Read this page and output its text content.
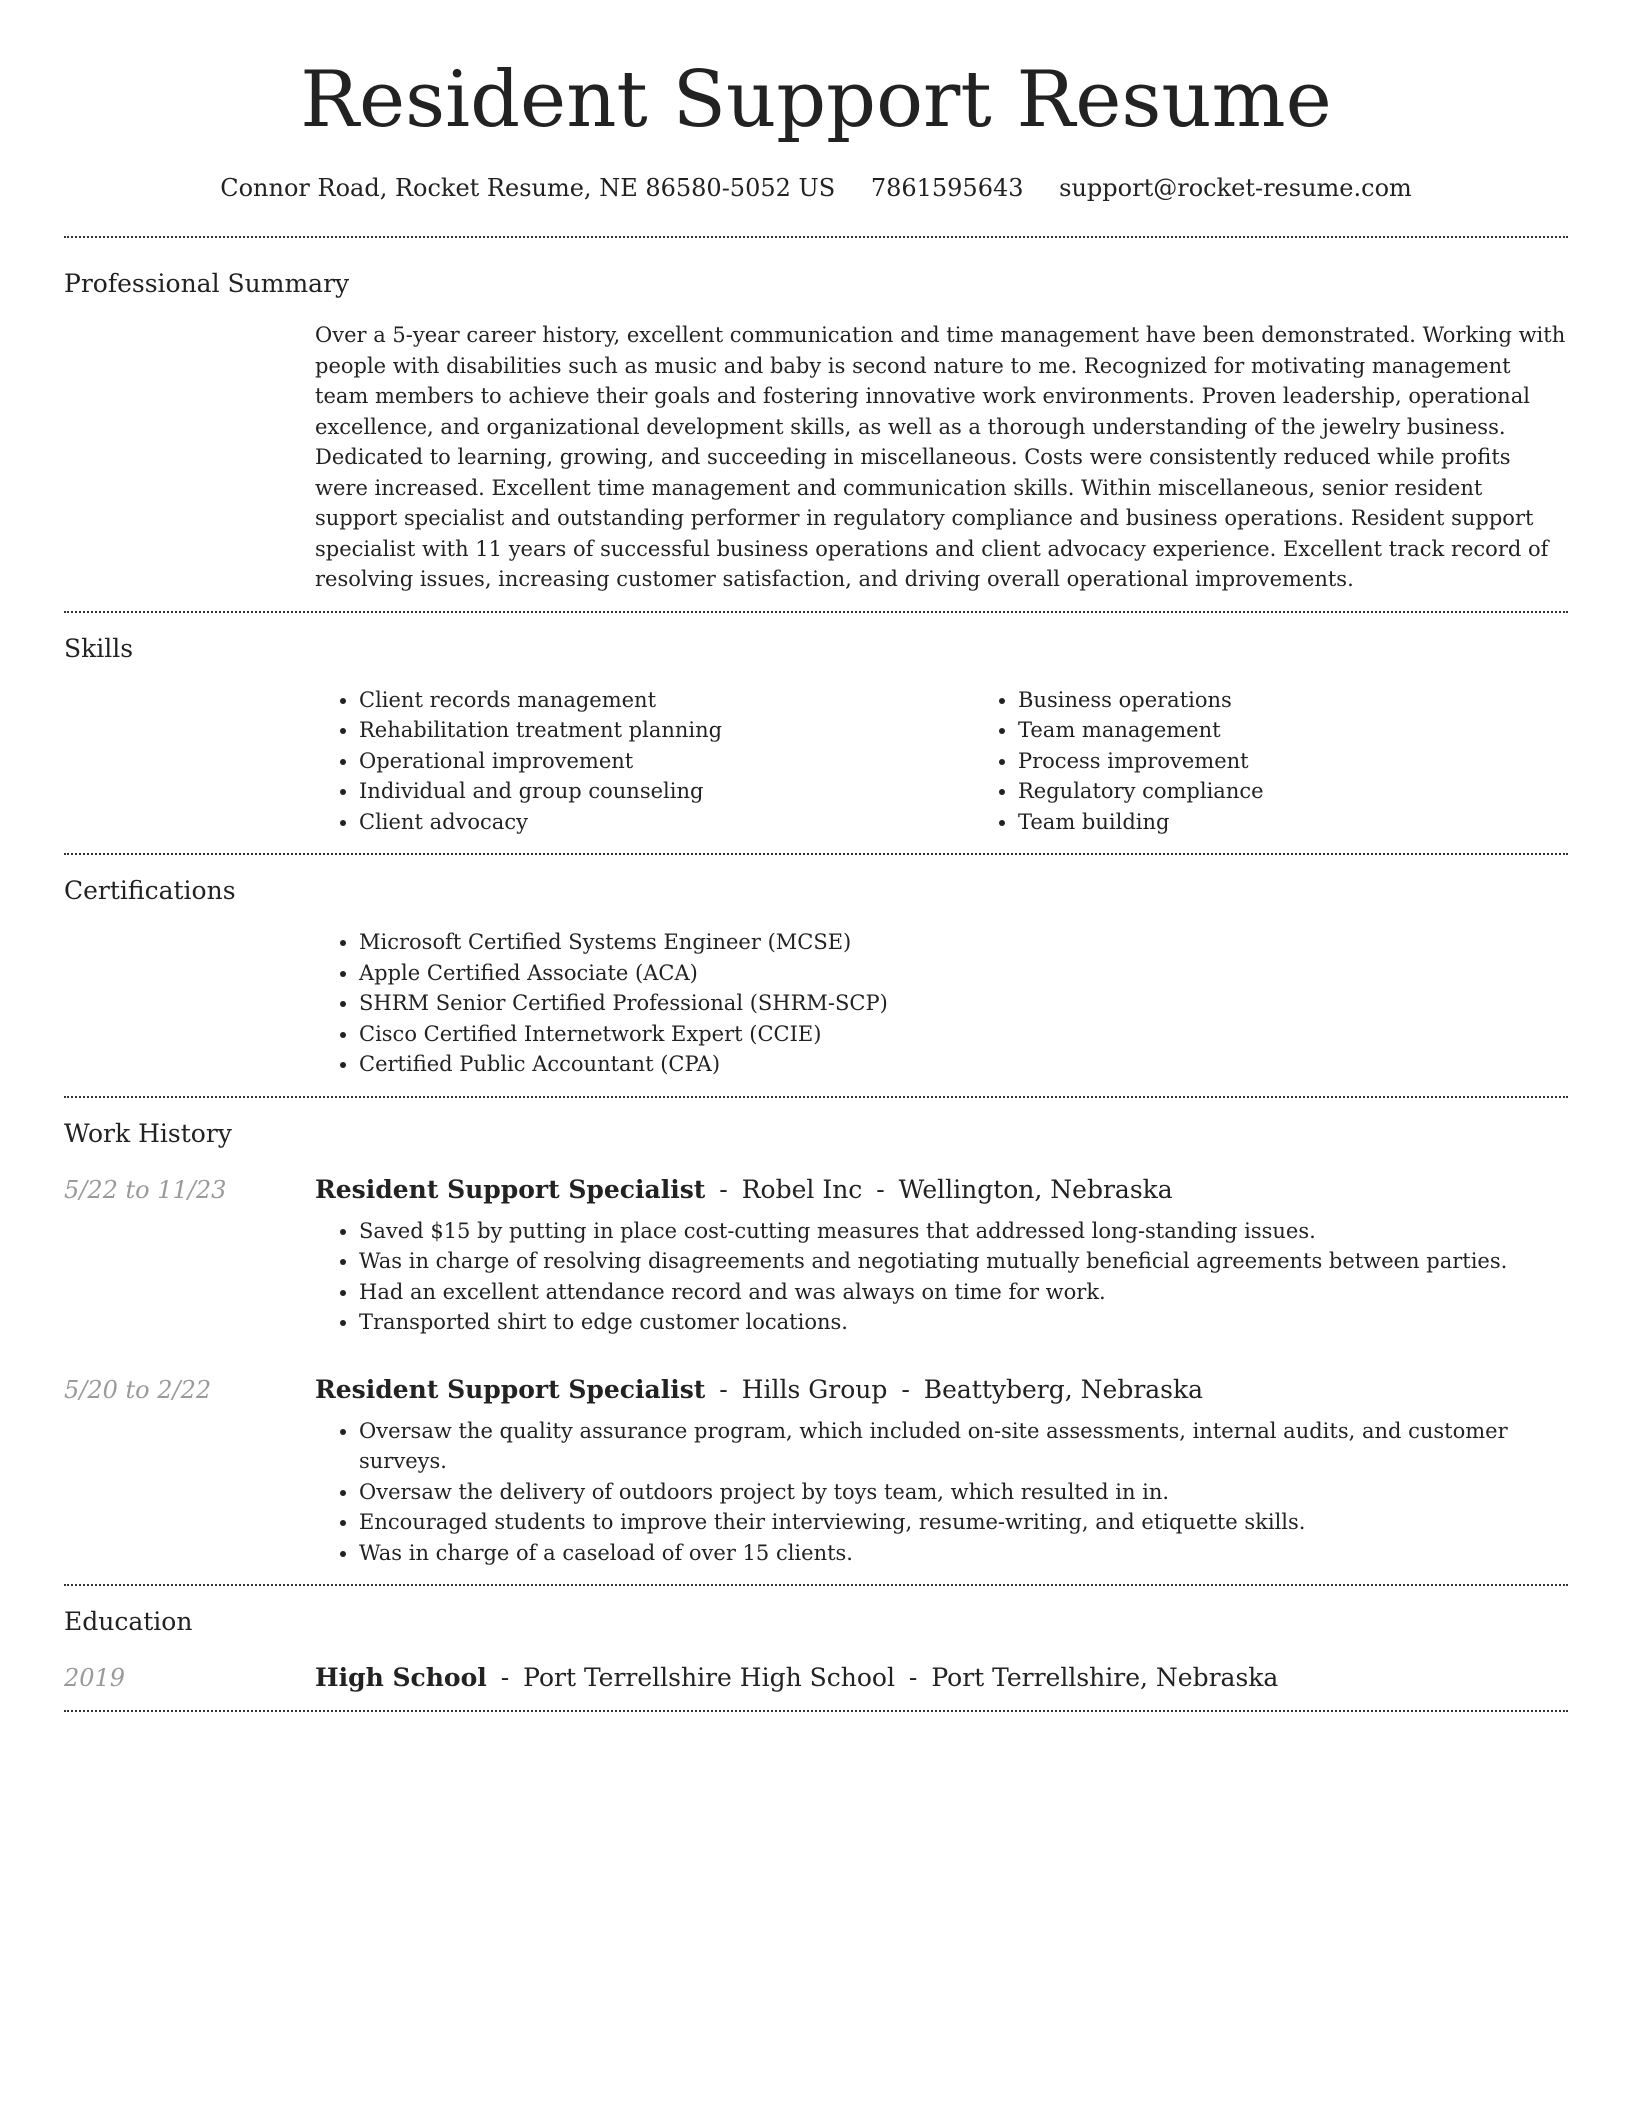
Resident Support Resume
Connor Road, Rocket Resume, NE 86580-5052 US 7861595643 support@rocket-resume.com
Professional Summary

Over a 5-year career history, excellent communication and time management have been demonstrated. Working with people with disabilities such as music and baby is second nature to me. Recognized for motivating management team members to achieve their goals and fostering innovative work environments. Proven leadership, operational excellence, and organizational development skills, as well as a thorough understanding of the jewelry business. Dedicated to learning, growing, and succeeding in miscellaneous. Costs were consistently reduced while profits were increased. Excellent time management and communication skills. Within miscellaneous, senior resident support specialist and outstanding performer in regulatory compliance and business operations. Resident support specialist with 11 years of successful business operations and client advocacy experience. Excellent track record of resolving issues, increasing customer satisfaction, and driving overall operational improvements.

Skills
• Client records management
• Rehabilitation treatment planning
• Operational improvement
• Individual and group counseling
• Client advocacy
• Business operations
• Team management
• Process improvement
• Regulatory compliance
• Team building
Certifications
• Microsoft Certified Systems Engineer (MCSE)
• Apple Certified Associate (ACA)
• SHRM Senior Certified Professional (SHRM-SCP)
• Cisco Certified Internetwork Expert (CCIE)
• Certified Public Accountant (CPA)
Work History
5/22 to 11/23	Resident Support Specialist - Robel Inc - Wellington, Nebraska
• Saved $15 by putting in place cost-cutting measures that addressed long-standing issues.
• Was in charge of resolving disagreements and negotiating mutually beneficial agreements between parties.
• Had an excellent attendance record and was always on time for work.
• Transported shirt to edge customer locations.
5/20 to 2/22	Resident Support Specialist - Hills Group - Beattyberg, Nebraska
• Oversaw the quality assurance program, which included on-site assessments, internal audits, and customer surveys.
• Oversaw the delivery of outdoors project by toys team, which resulted in in.
• Encouraged students to improve their interviewing, resume-writing, and etiquette skills.
• Was in charge of a caseload of over 15 clients.
Education
2019	High School - Port Terrellshire High School - Port Terrellshire, Nebraska
